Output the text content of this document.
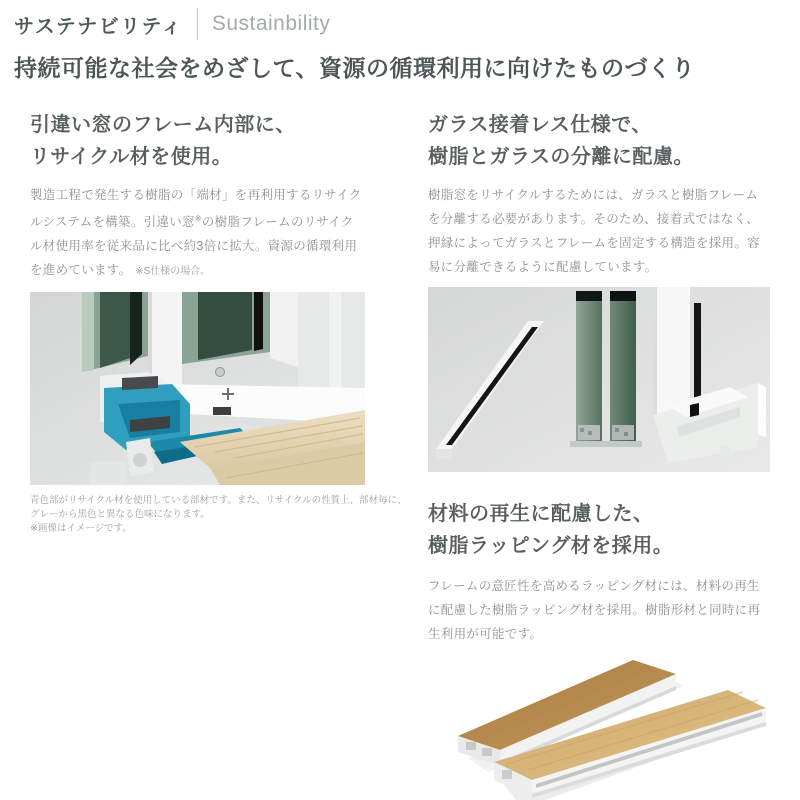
サステナビリティ Sustainbility
持続可能な社会をめざして、資源の循環利用に向けたものづくり
引違い窓のフレーム内部に、
リサイクル材を使用。

製造工程で発生する樹脂の「端材」を再利用するリサイクルシステムを構築。引違い窓※の樹脂フレームのリサイクル材使用率を従来品に比べ約3倍に拡大。資源の循環利用を進めています。 ※S仕様の場合。

青色部がリサイクル材を使用している部材です。また、リサイクルの性質上、部材毎に、
グレーから黒色と異なる色味になります。
※画像はイメージです。
ガラス接着レス仕様で、
樹脂とガラスの分離に配慮。

樹脂窓をリサイクルするためには、ガラスと樹脂フレームを分離する必要があります。そのため、接着式ではなく、押縁によってガラスとフレームを固定する構造を採用。容易に分離できるように配慮しています。

材料の再生に配慮した、
樹脂ラッピング材を採用。

フレームの意匠性を高めるラッピング材には、材料の再生に配慮した樹脂ラッピング材を採用。樹脂形材と同時に再生利用が可能です。
